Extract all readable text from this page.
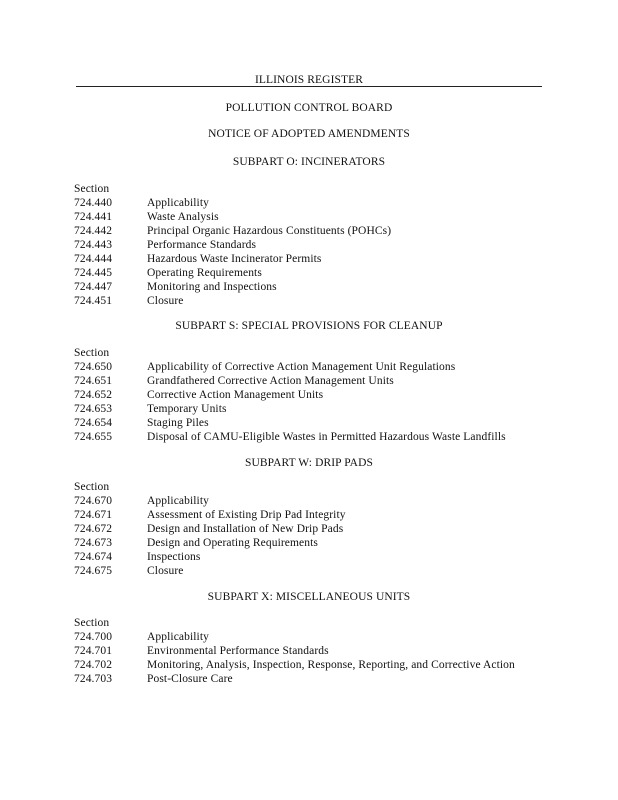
ILLINOIS REGISTER
POLLUTION CONTROL BOARD
NOTICE OF ADOPTED AMENDMENTS
SUBPART O: INCINERATORS
Section
724.440	Applicability
724.441	Waste Analysis
724.442	Principal Organic Hazardous Constituents (POHCs)
724.443	Performance Standards
724.444	Hazardous Waste Incinerator Permits
724.445	Operating Requirements
724.447	Monitoring and Inspections
724.451	Closure
SUBPART S: SPECIAL PROVISIONS FOR CLEANUP
Section
724.650	Applicability of Corrective Action Management Unit Regulations
724.651	Grandfathered Corrective Action Management Units
724.652	Corrective Action Management Units
724.653	Temporary Units
724.654	Staging Piles
724.655	Disposal of CAMU-Eligible Wastes in Permitted Hazardous Waste Landfills
SUBPART W: DRIP PADS
Section
724.670	Applicability
724.671	Assessment of Existing Drip Pad Integrity
724.672	Design and Installation of New Drip Pads
724.673	Design and Operating Requirements
724.674	Inspections
724.675	Closure
SUBPART X: MISCELLANEOUS UNITS
Section
724.700	Applicability
724.701	Environmental Performance Standards
724.702	Monitoring, Analysis, Inspection, Response, Reporting, and Corrective Action
724.703	Post-Closure Care
